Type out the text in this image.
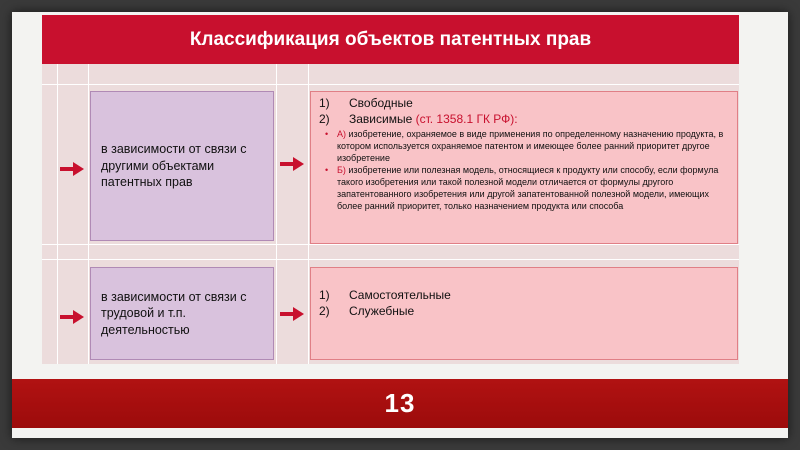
Классификация объектов патентных прав
в зависимости от связи с другими объектами патентных прав
1)	Свободные
2)	Зависимые (ст. 1358.1 ГК РФ):
• А) изобретение, охраняемое в виде применения по определенному назначению продукта, в котором используется охраняемое патентом и имеющее более ранний приоритет другое изобретение
• Б) изобретение или полезная модель, относящиеся к продукту или способу, если формула такого изобретения или такой полезной модели отличается от формулы другого запатентованного изобретения или другой запатентованной полезной модели, имеющих более ранний приоритет, только назначением продукта или способа
в зависимости от связи с трудовой и т.п. деятельностью
1)	Самостоятельные
2)	Служебные
13
